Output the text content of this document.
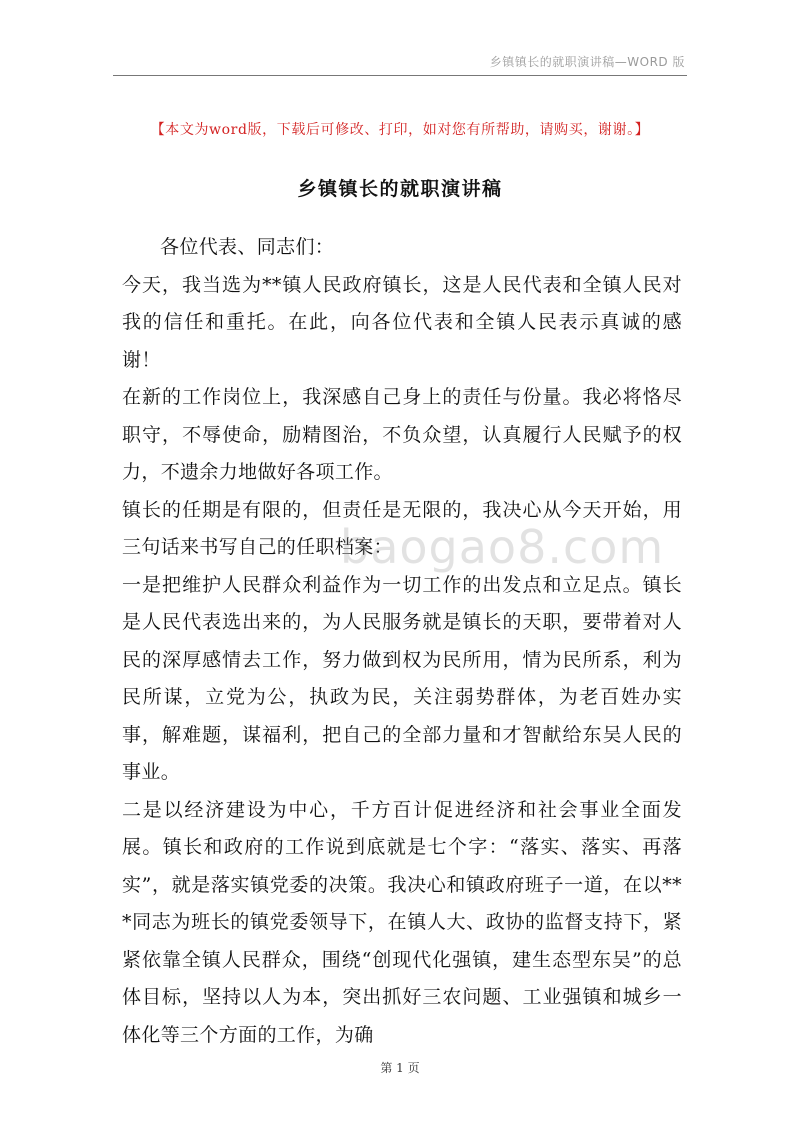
乡镇镇长的就职演讲稿—WORD 版
【本文为word版，下载后可修改、打印，如对您有所帮助，请购买，谢谢。】
乡镇镇长的就职演讲稿

各位代表、同志们：

今天，我当选为**镇人民政府镇长，这是人民代表和全镇人民对我的信任和重托。在此，向各位代表和全镇人民表示真诚的感谢！

在新的工作岗位上，我深感自己身上的责任与份量。我必将恪尽职守，不辱使命，励精图治，不负众望，认真履行人民赋予的权力，不遗余力地做好各项工作。

镇长的任期是有限的，但责任是无限的，我决心从今天开始，用三句话来书写自己的任职档案：

一是把维护人民群众利益作为一切工作的出发点和立足点。镇长是人民代表选出来的，为人民服务就是镇长的天职，要带着对人民的深厚感情去工作，努力做到权为民所用，情为民所系，利为民所谋，立党为公，执政为民，关注弱势群体，为老百姓办实事，解难题，谋福利，把自己的全部力量和才智献给东吴人民的事业。

二是以经济建设为中心，千方百计促进经济和社会事业全面发展。镇长和政府的工作说到底就是七个字：“落实、落实、再落实”，就是落实镇党委的决策。我决心和镇政府班子一道，在以***同志为班长的镇党委领导下，在镇人大、政协的监督支持下，紧紧依靠全镇人民群众，围绕“创现代化强镇，建生态型东吴”的总体目标，坚持以人为本，突出抓好三农问题、工业强镇和城乡一体化等三个方面的工作，为确

baogao8.com
第 1 页
